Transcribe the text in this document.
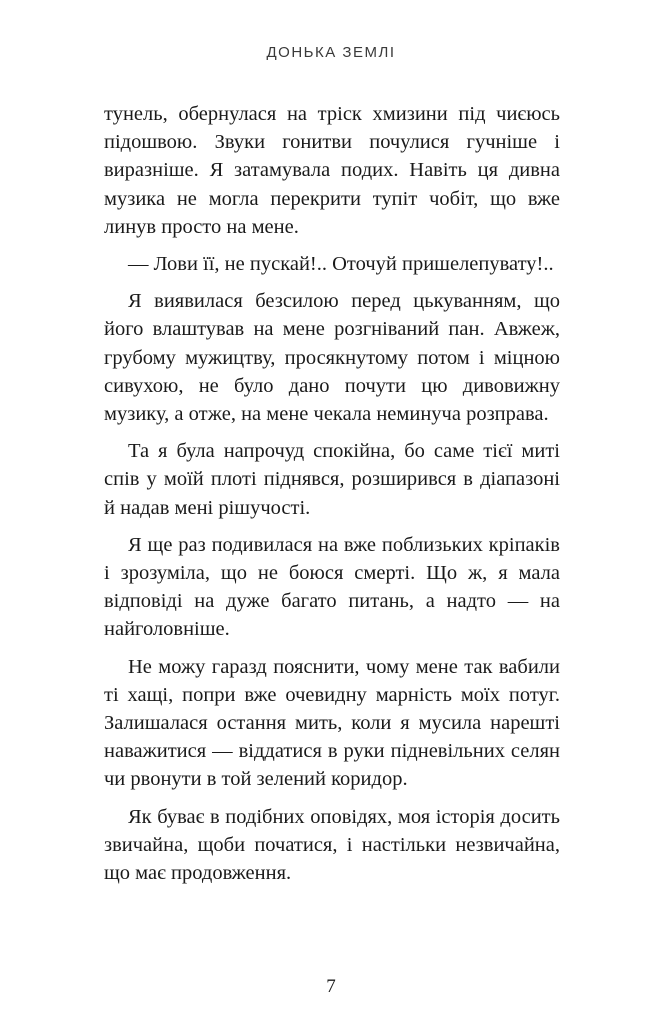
ДОНЬКА ЗЕМЛІ

тунель, обернулася на тріск хмизини під чиєюсь підошвою. Звуки гонитви почулися гучніше і виразніше. Я затамувала подих. Навіть ця дивна музика не могла перекрити тупіт чобіт, що вже линув просто на мене.

— Лови її, не пускай!.. Оточуй пришелепувату!..

Я виявилася безсилою перед цькуванням, що його влаштував на мене розгніваний пан. Авжеж, грубому мужицтву, просякнутому потом і міцною сивухою, не було дано почути цю дивовижну музику, а отже, на мене чекала неминуча розправа.

Та я була напрочуд спокійна, бо саме тієї миті спів у моїй плоті піднявся, розширився в діапазоні й надав мені рішучості.

Я ще раз подивилася на вже поблизьких кріпаків і зрозуміла, що не боюся смерті. Що ж, я мала відповіді на дуже багато питань, а надто — на найголовніше.

Не можу гаразд пояснити, чому мене так вабили ті хащі, попри вже очевидну марність моїх потуг. Залишалася остання мить, коли я мусила нарешті наважитися — віддатися в руки підневільних селян чи рвонути в той зелений коридор.

Як буває в подібних оповідях, моя історія досить звичайна, щоби початися, і настільки незвичайна, що має продовження.

7
